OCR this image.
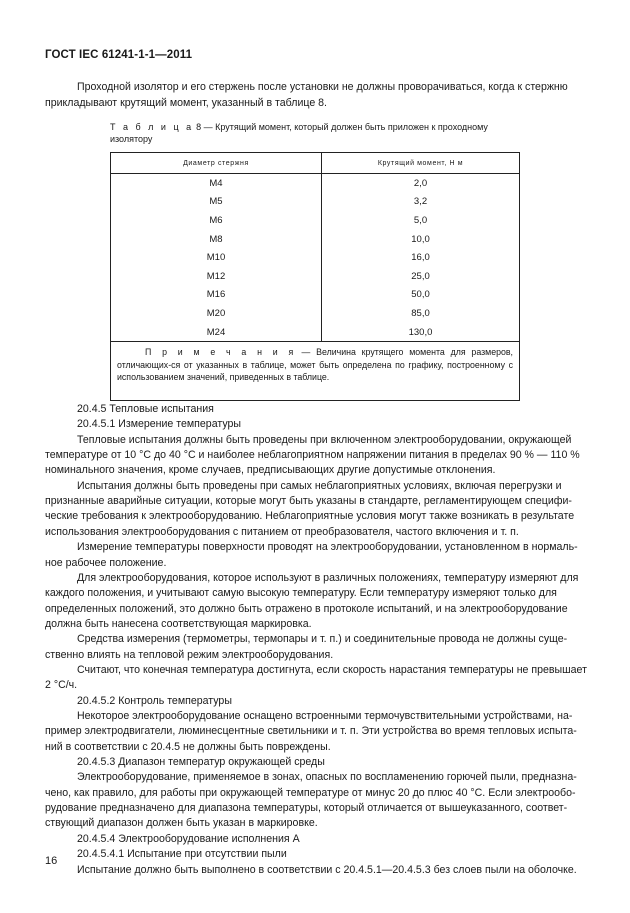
ГОСТ IEC 61241-1-1—2011
Проходной изолятор и его стержень после установки не должны проворачиваться, когда к стержню
прикладывают крутящий момент, указанный в таблице 8.
Т а б л и ц а 8 — Крутящий момент, который должен быть приложен к проходному
изолятору
Диаметр стержня	Крутящий момент, Н м
M4	2,0
M5	3,2
M6	5,0
M8	10,0
M10	16,0
M12	25,0
M16	50,0
M20	85,0
M24	130,0
П р и м е ч а н и я — Величина крутящего момента для размеров, отличающих-ся от указанных в таблице, может быть определена по графику, построенному с использованием значений, приведенных в таблице.	
20.4.5 Тепловые испытания
20.4.5.1 Измерение температуры
Тепловые испытания должны быть проведены при включенном электрооборудовании, окружающей
температуре от 10 °С до 40 °С и наиболее неблагоприятном напряжении питания в пределах 90 % — 110 %
номинального значения, кроме случаев, предписывающих другие допустимые отклонения.
Испытания должны быть проведены при самых неблагоприятных условиях, включая перегрузки и
признанные аварийные ситуации, которые могут быть указаны в стандарте, регламентирующем специфи-
ческие требования к электрооборудованию. Неблагоприятные условия могут также возникать в результате
использования электрооборудования с питанием от преобразователя, частого включения и т. п.
Измерение температуры поверхности проводят на электрооборудовании, установленном в нормаль-
ное рабочее положение.
Для электрооборудования, которое используют в различных положениях, температуру измеряют для
каждого положения, и учитывают самую высокую температуру. Если температуру измеряют только для
определенных положений, это должно быть отражено в протоколе испытаний, и на электрооборудование
должна быть нанесена соответствующая маркировка.
Средства измерения (термометры, термопары и т. п.) и соединительные провода не должны суще-
ственно влиять на тепловой режим электрооборудования.
Считают, что конечная температура достигнута, если скорость нарастания температуры не превышает
2 °С/ч.
20.4.5.2 Контроль температуры
Некоторое электрооборудование оснащено встроенными термочувствительными устройствами, на-
пример электродвигатели, люминесцентные светильники и т. п. Эти устройства во время тепловых испыта-
ний в соответствии с 20.4.5 не должны быть повреждены.
20.4.5.3 Диапазон температур окружающей среды
Электрооборудование, применяемое в зонах, опасных по воспламенению горючей пыли, предназна-
чено, как правило, для работы при окружающей температуре от минус 20 до плюс 40 °С. Если электрообо-
рудование предназначено для диапазона температуры, который отличается от вышеуказанного, соответ-
ствующий диапазон должен быть указан в маркировке.
20.4.5.4 Электрооборудование исполнения А
20.4.5.4.1 Испытание при отсутствии пыли
Испытание должно быть выполнено в соответствии с 20.4.5.1—20.4.5.3 без слоев пыли на оболочке.
16
